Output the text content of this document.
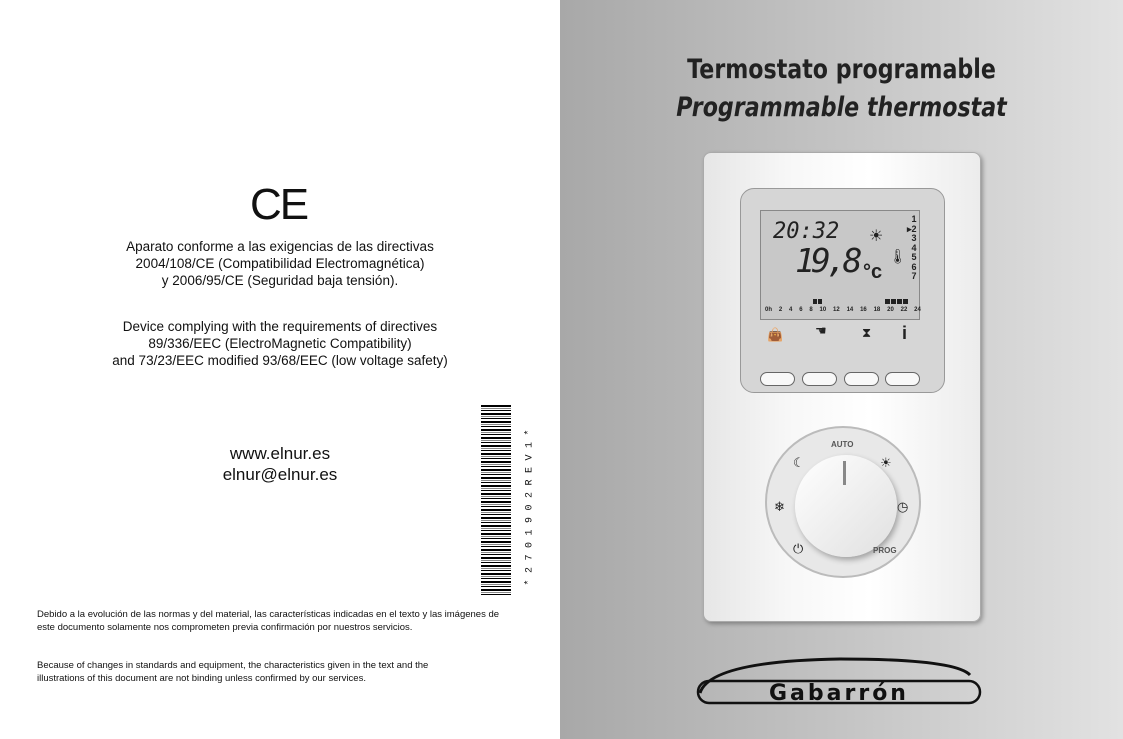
CE
Aparato conforme a las exigencias de las directivas
2004/108/CE (Compatibilidad Electromagnética)
y 2006/95/CE (Seguridad baja tensión).
Device complying with the requirements of directives
89/336/EEC (ElectroMagnetic Compatibility)
and 73/23/EEC modified 93/68/EEC (low voltage safety)
www.elnur.es
elnur@elnur.es	*2701902REV1*
Debido a la evolución de las normas y del material, las características indicadas en el texto y las imágenes de este documento solamente nos comprometen previa confirmación por nuestros servicios.
Because of changes in standards and equipment, the characteristics given in the text and the illustrations of this document are not binding unless confirmed by our services.
Termostato programable
Programmable thermostat
20:32 ☀
19,8 °c
🌡
1
▸2
3
4
5
6
7
0h 2 4 6 8 10 12 14 16 18 20 22 24
👜 ☚	⧗ i
AUTO
PROG
☾	☀
❄	◷
⏻
Gabarrón
